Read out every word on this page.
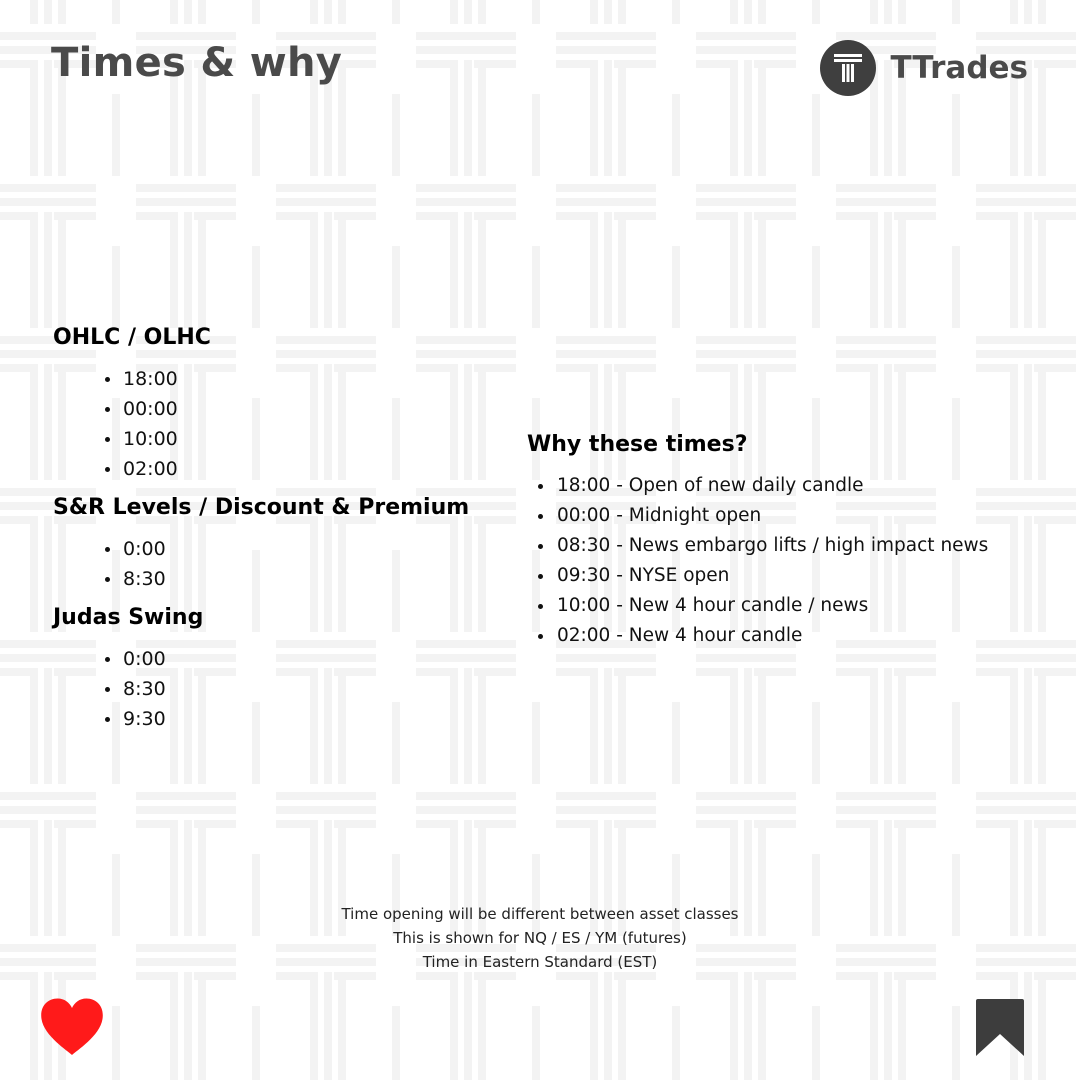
Times & why	TTrades
OHLC / OLHC
18:00
00:00
10:00
02:00
S&R Levels / Discount & Premium
0:00
8:30
Judas Swing
0:00
8:30
9:30
Why these times?
18:00 - Open of new daily candle
00:00 - Midnight open
08:30 - News embargo lifts / high impact news
09:30 - NYSE open
10:00 - New 4 hour candle / news
02:00 - New 4 hour candle
Time opening will be different between asset classes
This is shown for NQ / ES / YM (futures)
Time in Eastern Standard (EST)
